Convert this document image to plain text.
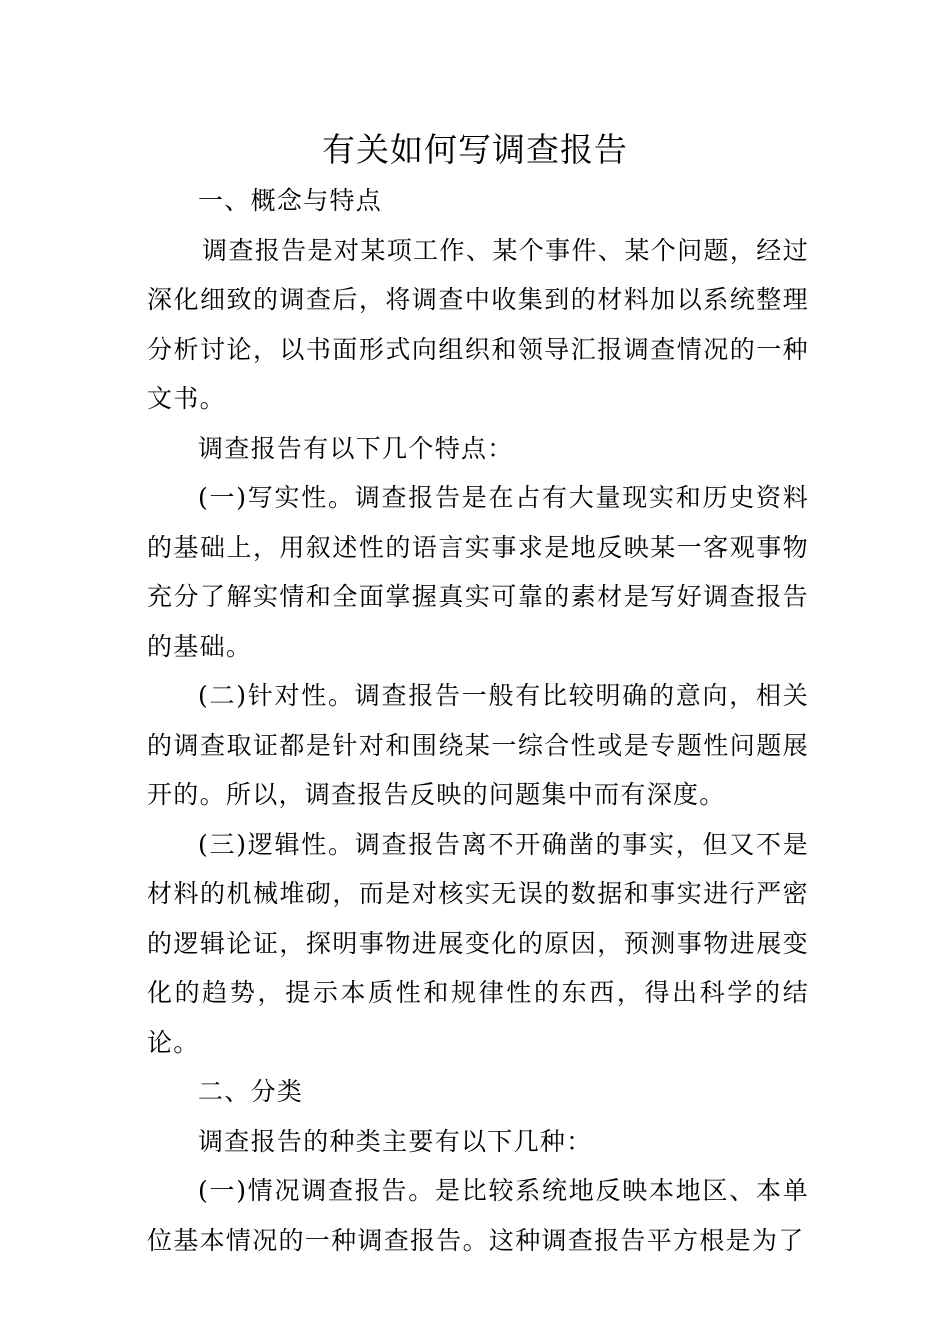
有关如何写调查报告

一、概念与特点

调查报告是对某项工作、某个事件、某个问题，经过深化细致的调查后，将调查中收集到的材料加以系统整理分析讨论，以书面形式向组织和领导汇报调查情况的一种文书。

调查报告有以下几个特点：

(一)写实性。调查报告是在占有大量现实和历史资料的基础上，用叙述性的语言实事求是地反映某一客观事物充分了解实情和全面掌握真实可靠的素材是写好调查报告的基础。

(二)针对性。调查报告一般有比较明确的意向，相关的调查取证都是针对和围绕某一综合性或是专题性问题展开的。所以，调查报告反映的问题集中而有深度。

(三)逻辑性。调查报告离不开确凿的事实，但又不是材料的机械堆砌，而是对核实无误的数据和事实进行严密的逻辑论证，探明事物进展变化的原因，预测事物进展变化的趋势，提示本质性和规律性的东西，得出科学的结论。

二、分类

调查报告的种类主要有以下几种：

(一)情况调查报告。是比较系统地反映本地区、本单位基本情况的一种调查报告。这种调查报告平方根是为了
